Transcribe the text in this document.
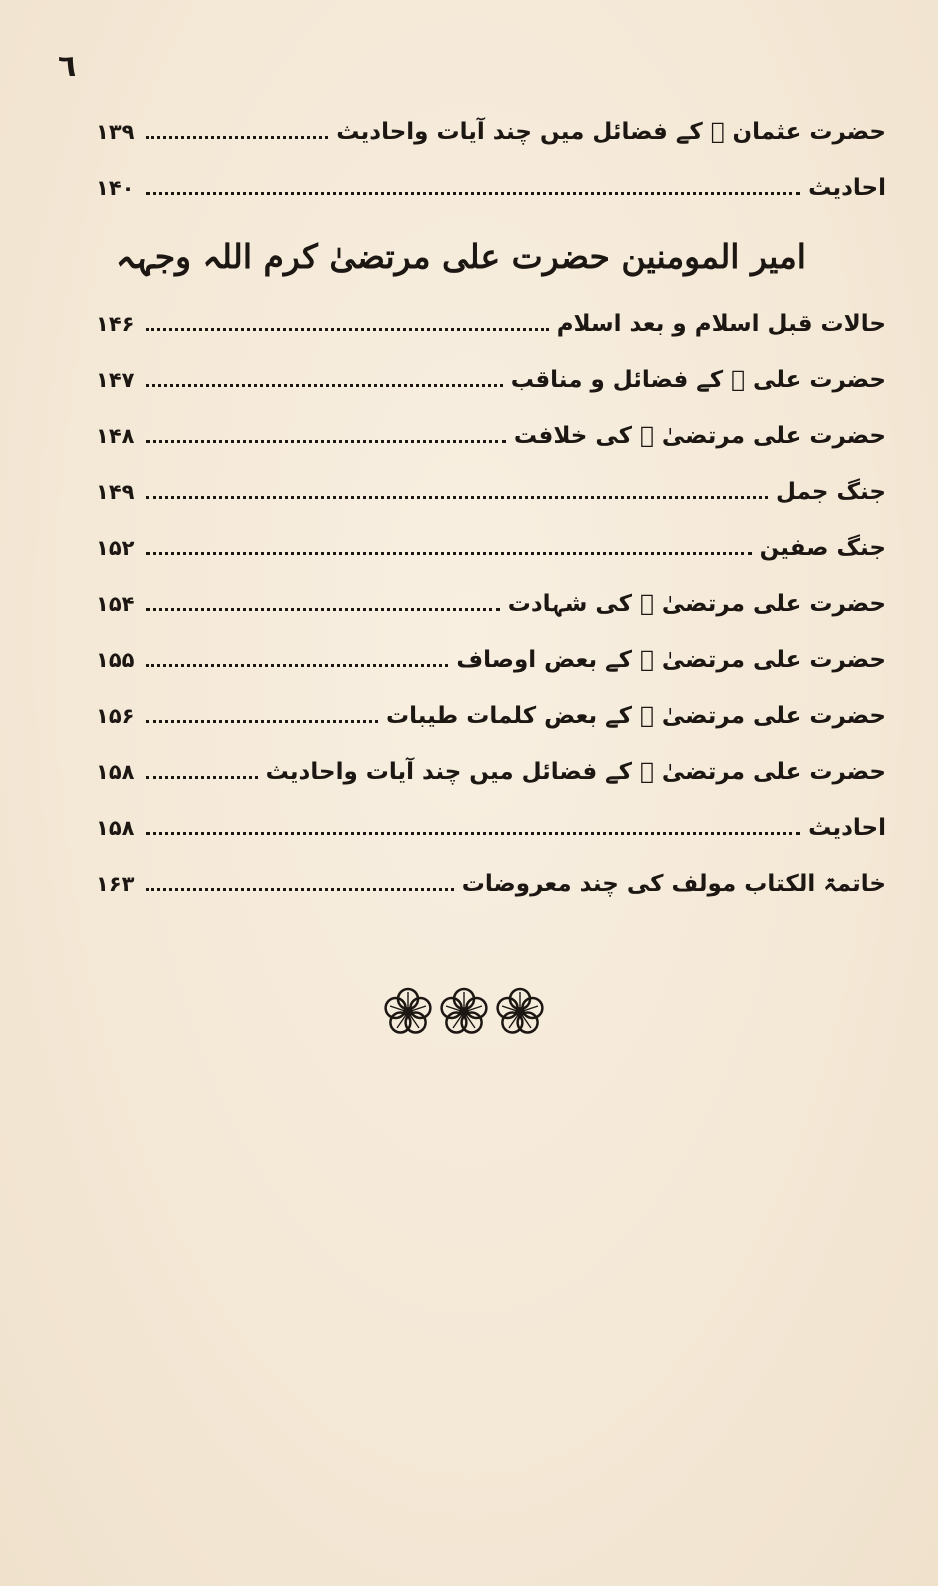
٦
حضرت عثمان ﷜ کے فضائل میں چند آیات واحادیث
۱۳۹
احادیث
۱۴۰
امیر المومنین حضرت علی مرتضیٰ کرم اللہ وجہہ
حالات قبل اسلام و بعد اسلام
۱۴۶
حضرت علی ﷜ کے فضائل و مناقب
۱۴۷
حضرت علی مرتضیٰ ﷜ کی خلافت
۱۴۸
جنگ جمل
۱۴۹
جنگ صفین
۱۵۲
حضرت علی مرتضیٰ ﷜ کی شہادت
۱۵۴
حضرت علی مرتضیٰ ﷜ کے بعض اوصاف
۱۵۵
حضرت علی مرتضیٰ ﷜ کے بعض کلمات طیبات
۱۵۶
حضرت علی مرتضیٰ ﷜ کے فضائل میں چند آیات واحادیث
۱۵۸
احادیث
۱۵۸
خاتمۃ الکتاب مولف کی چند معروضات
۱۶۳
